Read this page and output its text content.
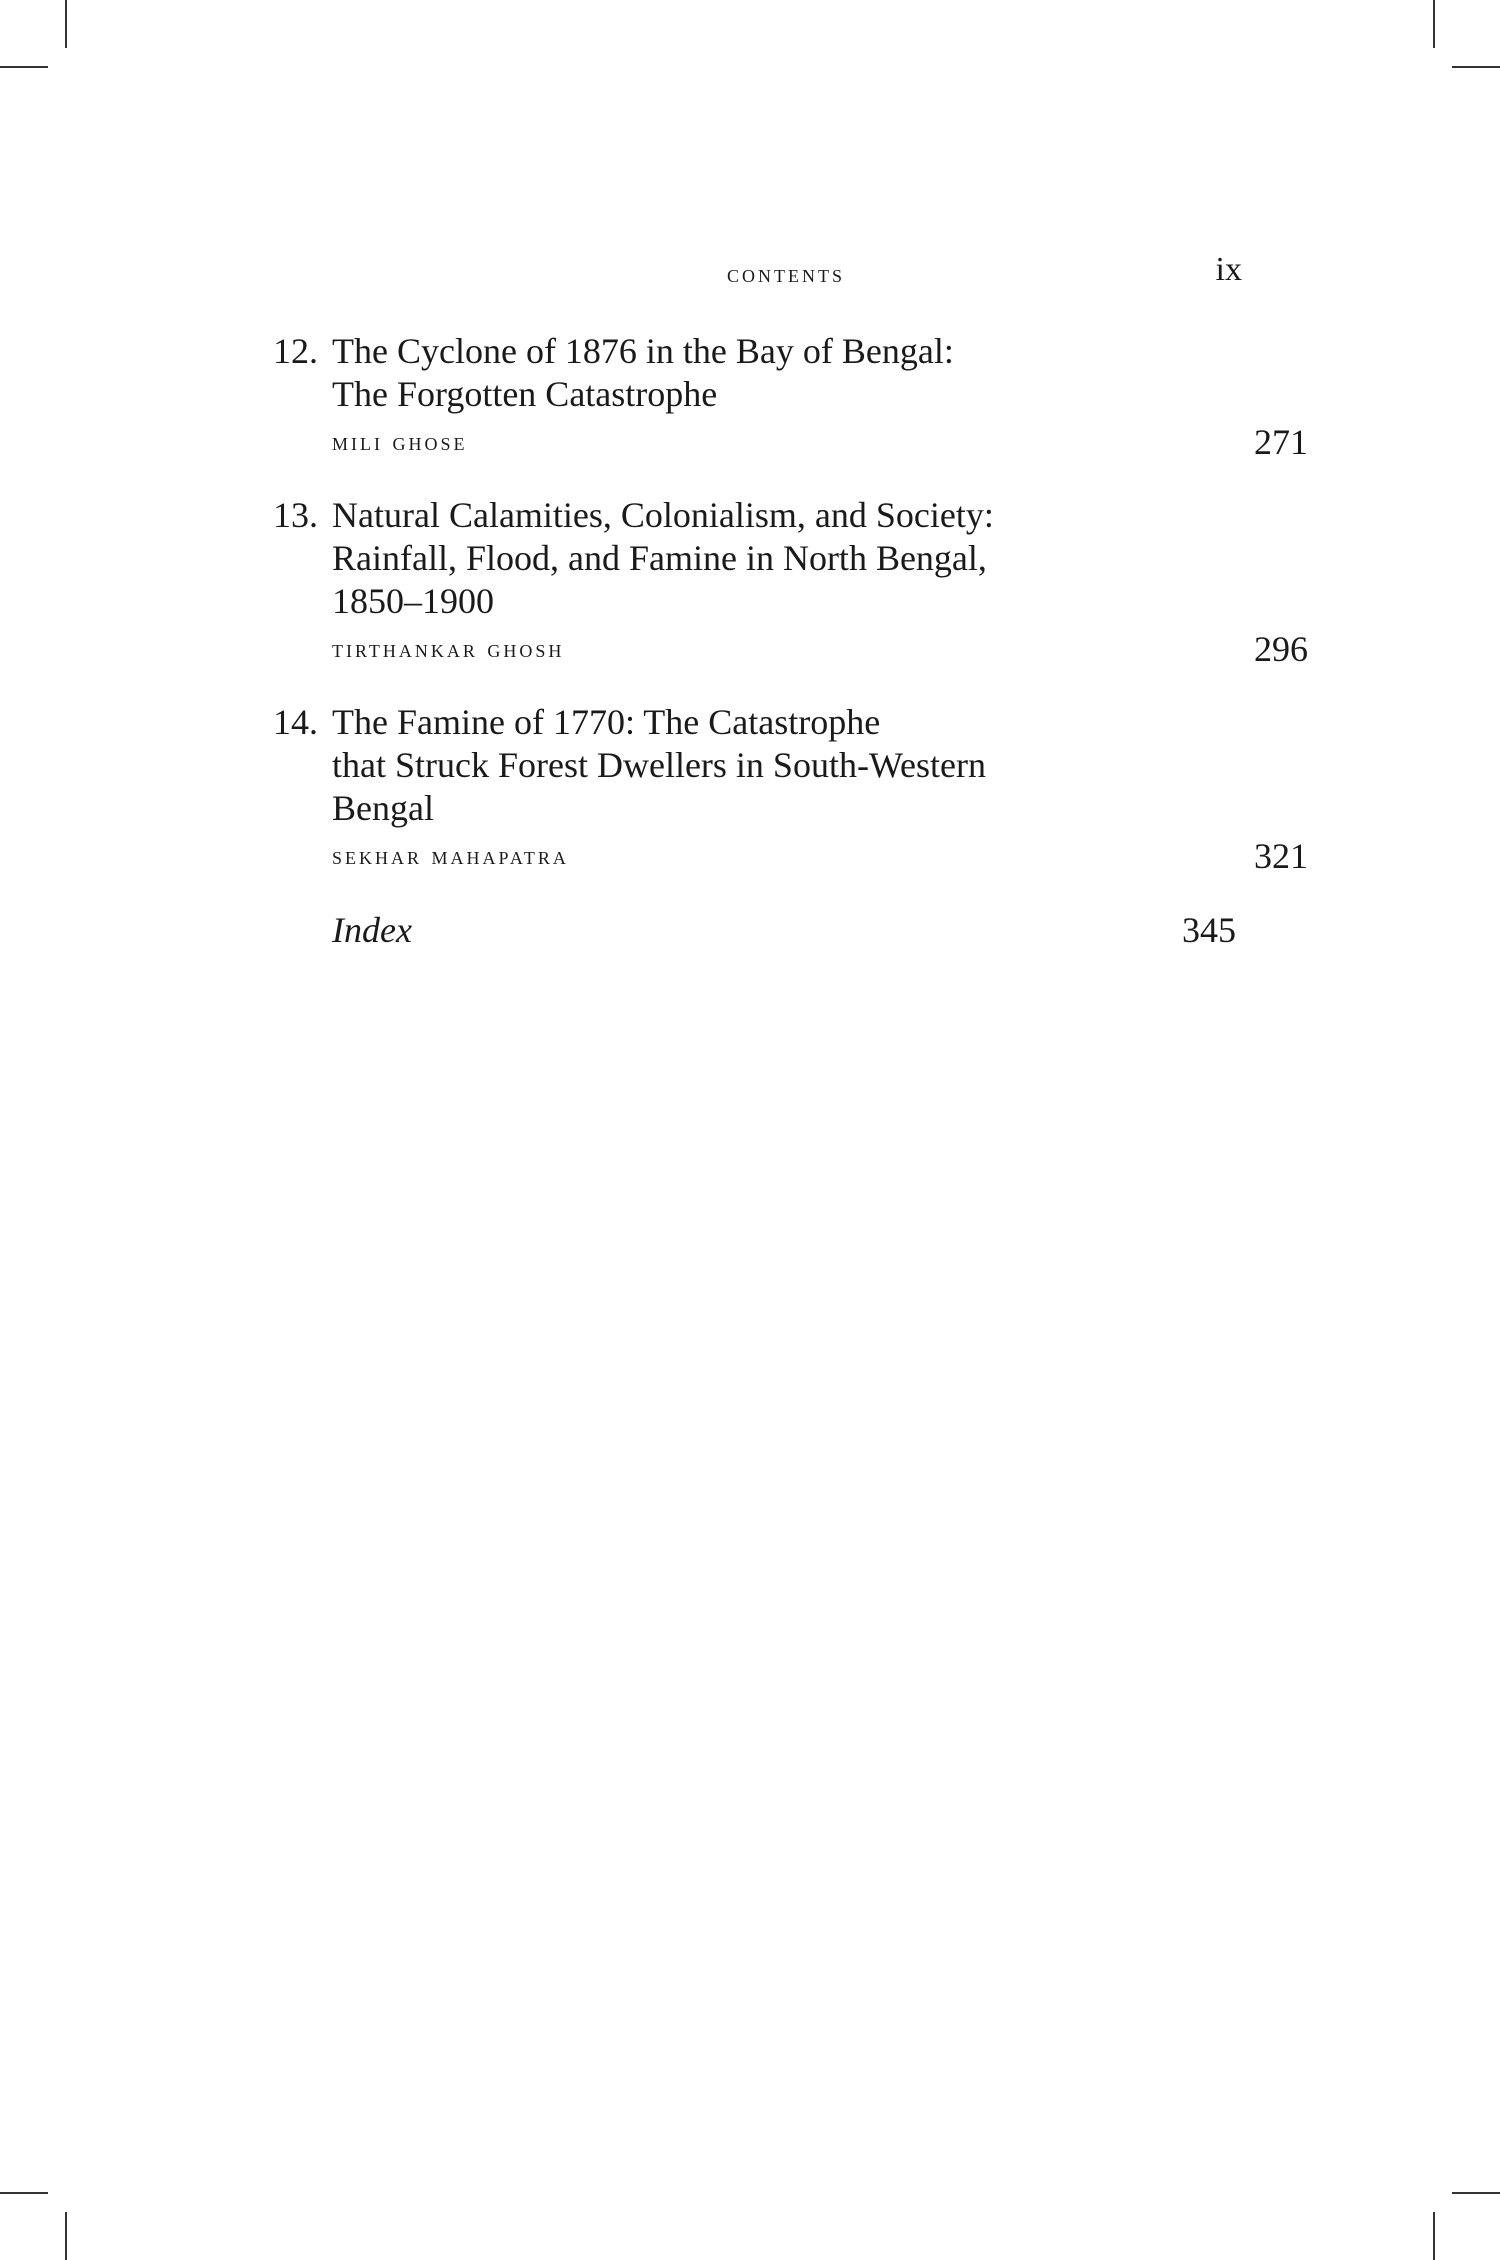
contents	ix
12. The Cyclone of 1876 in the Bay of Bengal:
The Forgotten Catastrophe
mili ghose	271
13. Natural Calamities, Colonialism, and Society:
Rainfall, Flood, and Famine in North Bengal,
1850–1900
tirthankar ghosh	296
14. The Famine of 1770: The Catastrophe
that Struck Forest Dwellers in South-Western
Bengal
sekhar mahapatra	321
Index	345
